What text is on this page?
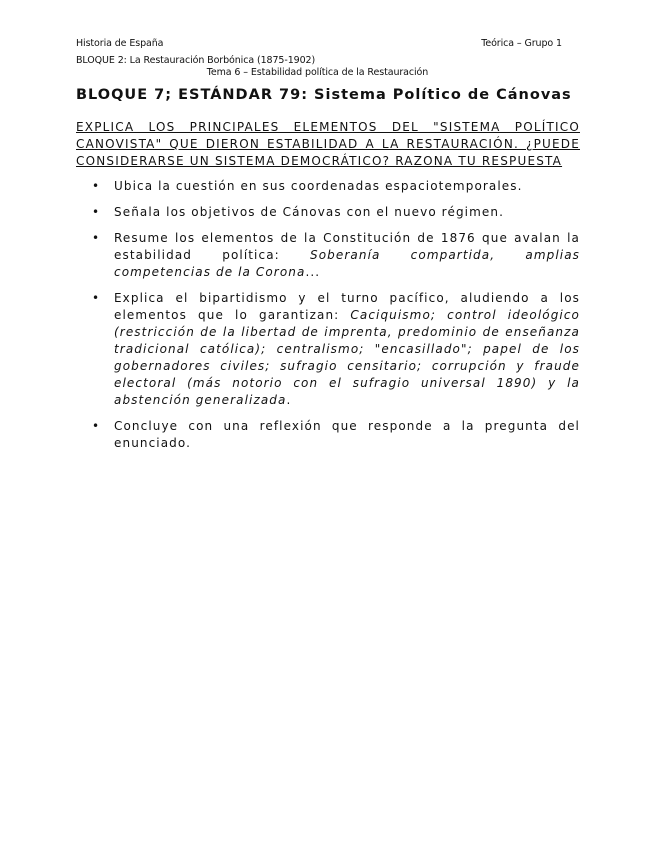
Historia de España	Teórica – Grupo 1
BLOQUE 2: La Restauración Borbónica (1875-1902)
Tema 6 – Estabilidad política de la Restauración
BLOQUE 7; ESTÁNDAR 79: Sistema Político de Cánovas
EXPLICA LOS PRINCIPALES ELEMENTOS DEL "SISTEMA POLÍTICO CANOVISTA" QUE DIERON ESTABILIDAD A LA RESTAURACIÓN. ¿PUEDE CONSIDERARSE UN SISTEMA DEMOCRÁTICO? RAZONA TU RESPUESTA
• Ubica la cuestión en sus coordenadas espaciotemporales.
• Señala los objetivos de Cánovas con el nuevo régimen.
• Resume los elementos de la Constitución de 1876 que avalan la estabilidad política: Soberanía compartida, amplias competencias de la Corona...
• Explica el bipartidismo y el turno pacífico, aludiendo a los elementos que lo garantizan: Caciquismo; control ideológico (restricción de la libertad de imprenta, predominio de enseñanza tradicional católica); centralismo; "encasillado"; papel de los gobernadores civiles; sufragio censitario; corrupción y fraude electoral (más notorio con el sufragio universal 1890) y la abstención generalizada.
• Concluye con una reflexión que responde a la pregunta del enunciado.
